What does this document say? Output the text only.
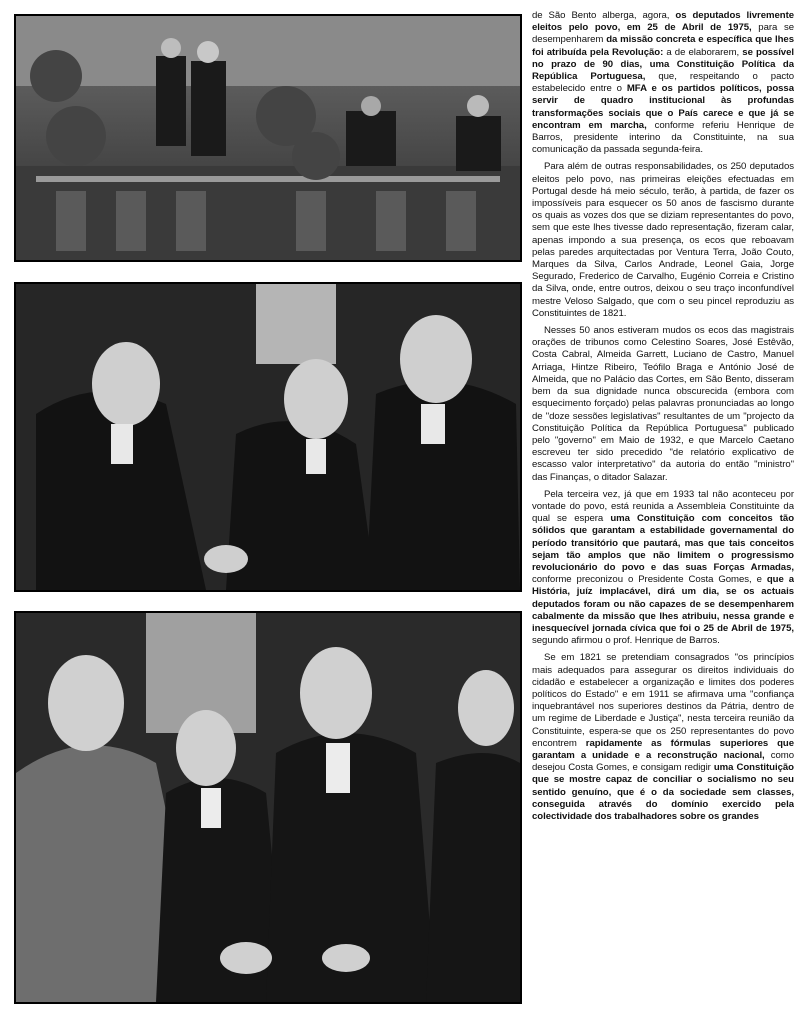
de São Bento alberga, agora, os deputados livremente eleitos pelo povo, em 25 de Abril de 1975, para se desempenharem da missão concreta e específica que lhes foi atribuída pela Revolução: a de elaborarem, se possível no prazo de 90 dias, uma Constituição Política da República Portuguesa, que, respeitando o pacto estabelecido entre o MFA e os partidos políticos, possa servir de quadro institucional às profundas transformações sociais que o País carece e que já se encontram em marcha, conforme referiu Henrique de Barros, presidente interino da Constituinte, na sua comunicação da passada segunda-feira.

Para além de outras responsabilidades, os 250 deputados eleitos pelo povo, nas primeiras eleições efectuadas em Portugal desde há meio século, terão, à partida, de fazer os impossíveis para esquecer os 50 anos de fascismo durante os quais as vozes dos que se diziam representantes do povo, sem que este lhes tivesse dado representação, fizeram calar, apenas impondo a sua presença, os ecos que reboavam pelas paredes arquitectadas por Ventura Terra, João Couto, Marques da Silva, Carlos Andrade, Leonel Gaia, Jorge Segurado, Frederico de Carvalho, Eugénio Correia e Cristino da Silva, onde, entre outros, deixou o seu traço inconfundível mestre Veloso Salgado, que com o seu pincel reproduziu as Constituintes de 1821.

Nesses 50 anos estiveram mudos os ecos das magistrais orações de tribunos como Celestino Soares, José Estêvão, Costa Cabral, Almeida Garrett, Luciano de Castro, Manuel Arriaga, Hintze Ribeiro, Teófilo Braga e António José de Almeida, que no Palácio das Cortes, em São Bento, disseram bem da sua dignidade nunca obscurecida (embora com esquecimento forçado) pelas palavras pronunciadas ao longo de "doze sessões legislativas" resultantes de um "projecto da Constituição Política da República Portuguesa" publicado pelo "governo" em Maio de 1932, e que Marcelo Caetano escreveu ter sido precedido "de relatório explicativo de escasso valor interpretativo" da autoria do então "ministro" das Finanças, o ditador Salazar.

Pela terceira vez, já que em 1933 tal não aconteceu por vontade do povo, está reunida a Assembleia Constituinte da qual se espera uma Constituição com conceitos tão sólidos que garantam a estabilidade governamental do período transitório que pautará, mas que tais conceitos sejam tão amplos que não limitem o progressismo revolucionário do povo e das suas Forças Armadas, conforme preconizou o Presidente Costa Gomes, e que a História, juíz implacável, dirá um dia, se os actuais deputados foram ou não capazes de se desempenharem cabalmente da missão que lhes atribuiu, nessa grande e inesquecível jornada cívica que foi o 25 de Abril de 1975, segundo afirmou o prof. Henrique de Barros.

Se em 1821 se pretendiam consagrados "os princípios mais adequados para assegurar os direitos individuais do cidadão e estabelecer a organização e limites dos poderes políticos do Estado" e em 1911 se afirmava uma "confiança inquebrantável nos superiores destinos da Pátria, dentro de um regime de Liberdade e Justiça", nesta terceira reunião da Constituinte, espera-se que os 250 representantes do povo encontrem rapidamente as fórmulas superiores que garantam a unidade e a reconstrução nacional, como desejou Costa Gomes, e consigam redigir uma Constituição que se mostre capaz de conciliar o socialismo no seu sentido genuíno, que é o da sociedade sem classes, conseguida através do domínio exercido pela colectividade dos trabalhadores sobre os grandes
